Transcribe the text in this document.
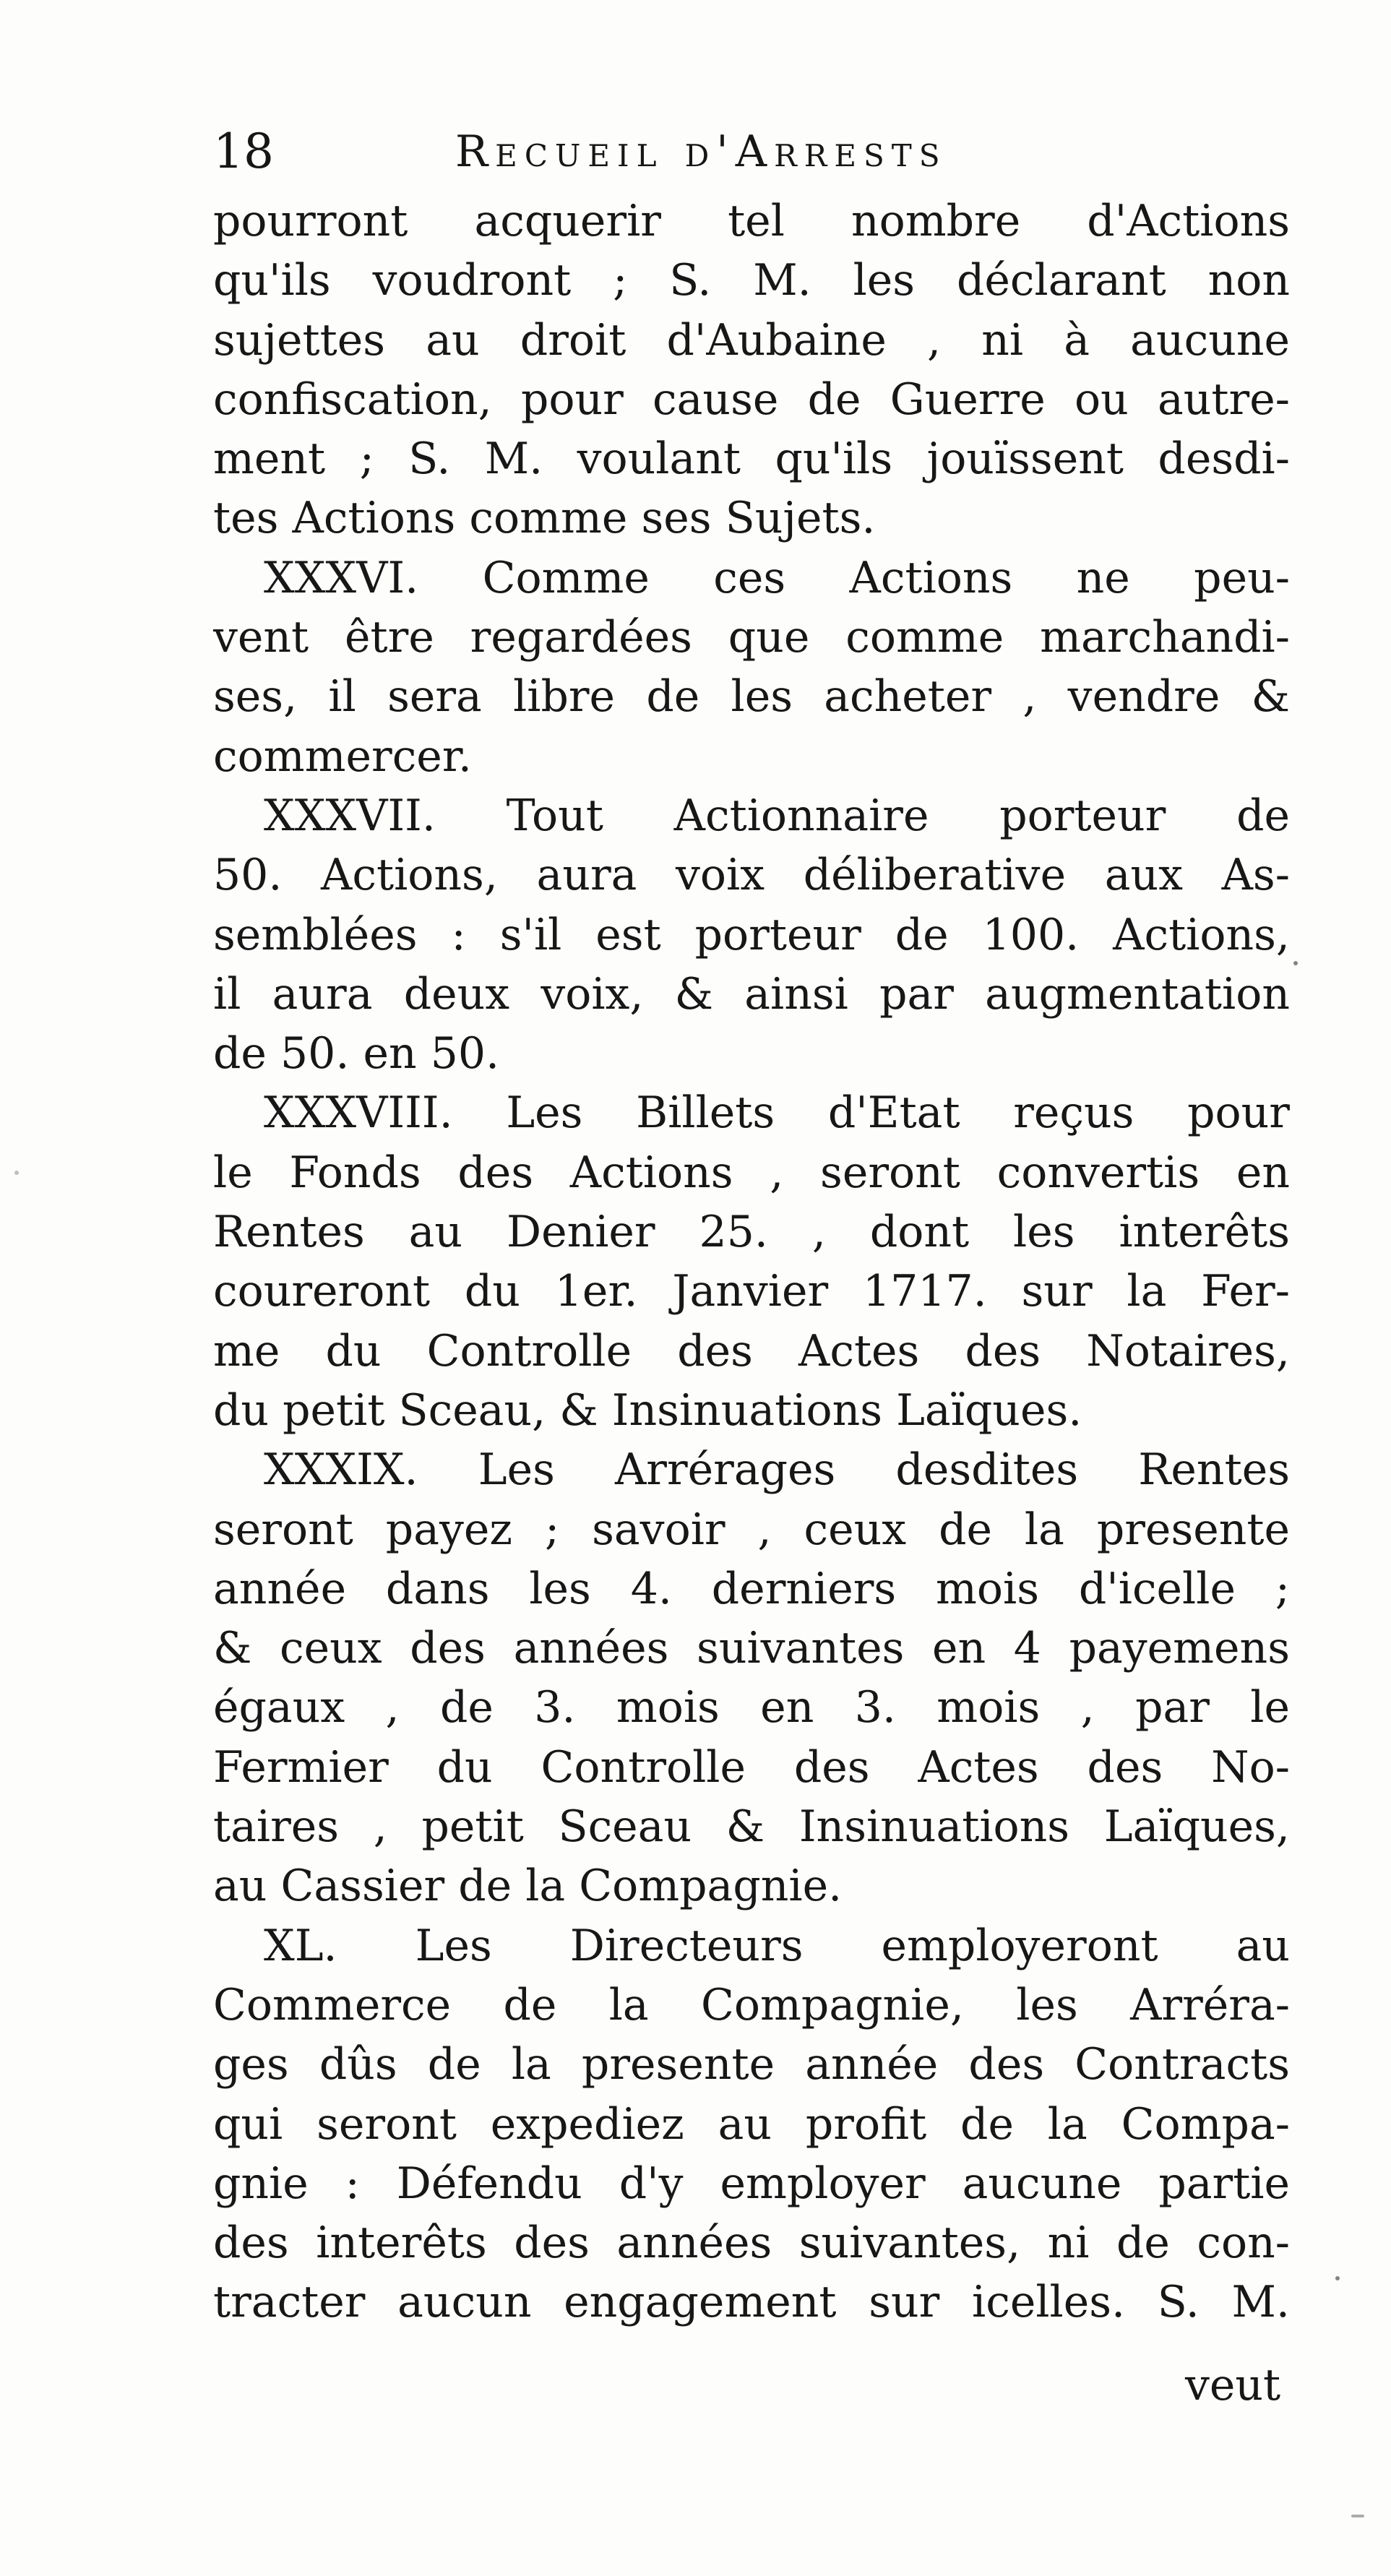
18	Recueil d'Arrests
pourront acquerir tel nombre d'Actions
qu'ils voudront ; S. M. les déclarant non
sujettes au droit d'Aubaine , ni à aucune
confiscation, pour cause de Guerre ou autre-
ment ; S. M. voulant qu'ils jouïssent desdi-
tes Actions comme ses Sujets.
XXXVI. Comme ces Actions ne peu-
vent être regardées que comme marchandi-
ses, il sera libre de les acheter , vendre &
commercer.
XXXVII. Tout Actionnaire porteur de
50. Actions, aura voix déliberative aux As-
semblées : s'il est porteur de 100. Actions,
il aura deux voix, & ainsi par augmentation
de 50. en 50.
XXXVIII. Les Billets d'Etat reçus pour
le Fonds des Actions , seront convertis en
Rentes au Denier 25. , dont les interêts
coureront du 1er. Janvier 1717. sur la Fer-
me du Controlle des Actes des Notaires,
du petit Sceau, & Insinuations Laïques.
XXXIX. Les Arrérages desdites Rentes
seront payez ; savoir , ceux de la presente
année dans les 4. derniers mois d'icelle ;
& ceux des années suivantes en 4 payemens
égaux , de 3. mois en 3. mois , par le
Fermier du Controlle des Actes des No-
taires , petit Sceau & Insinuations Laïques,
au Cassier de la Compagnie.
XL. Les Directeurs employeront au
Commerce de la Compagnie, les Arréra-
ges dûs de la presente année des Contracts
qui seront expediez au profit de la Compa-
gnie : Défendu d'y employer aucune partie
des interêts des années suivantes, ni de con-
tracter aucun engagement sur icelles. S. M.
veut
